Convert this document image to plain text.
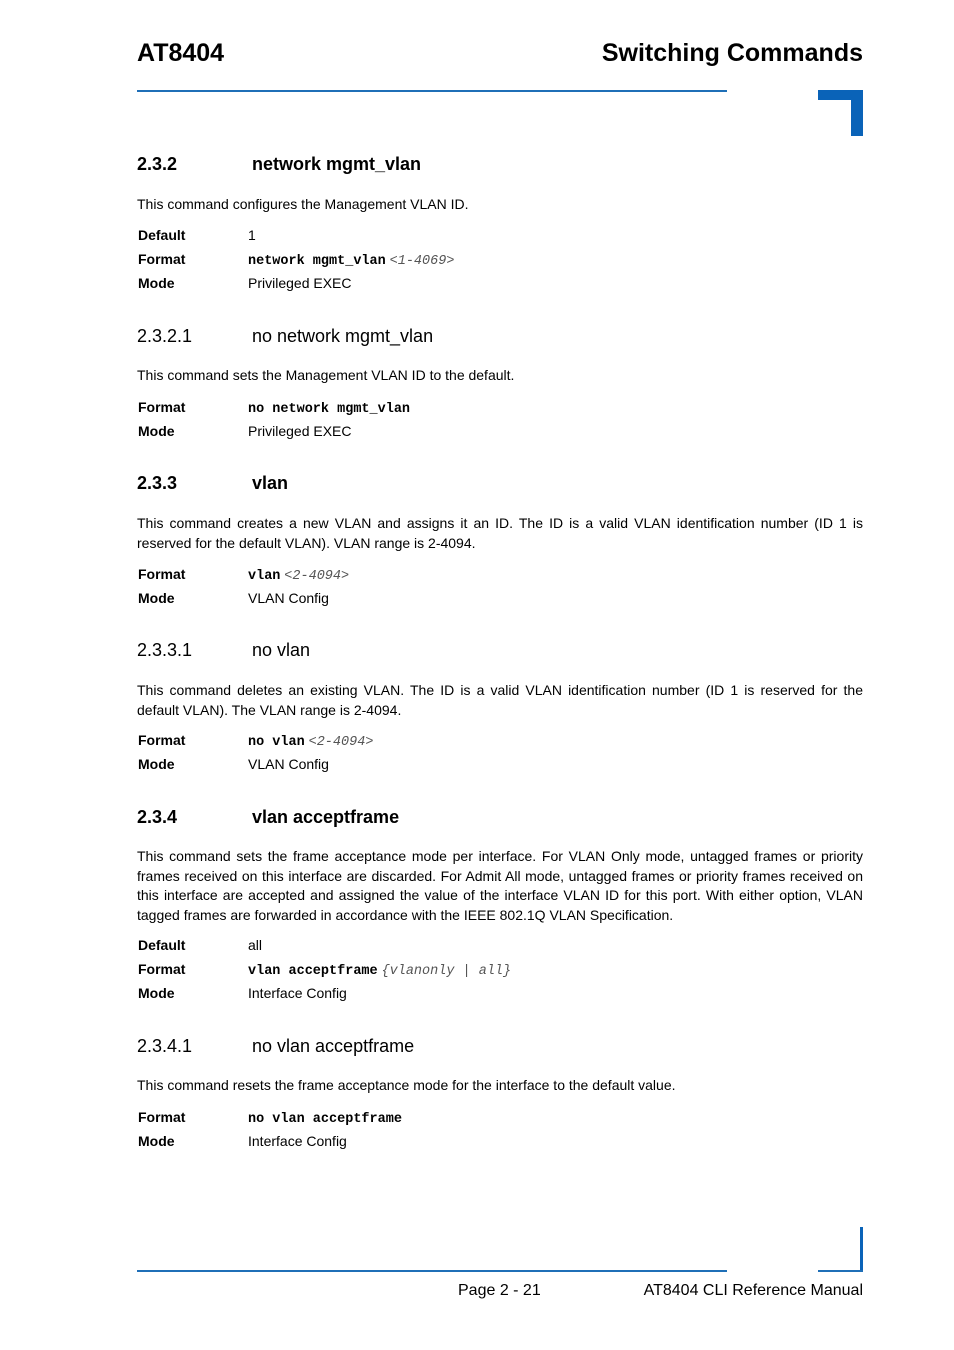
AT8404	Switching Commands
2.3.2	network mgmt_vlan
This command configures the Management VLAN ID.
Default	1
Format	network mgmt_vlan <1-4069>
Mode	Privileged EXEC
2.3.2.1	no network mgmt_vlan
This command sets the Management VLAN ID to the default.
Format	no network mgmt_vlan
Mode	Privileged EXEC
2.3.3	vlan
This command creates a new VLAN and assigns it an ID. The ID is a valid VLAN identification number (ID 1 is reserved for the default VLAN). VLAN range is 2-4094.
Format	vlan <2-4094>
Mode	VLAN Config
2.3.3.1	no vlan
This command deletes an existing VLAN. The ID is a valid VLAN identification number (ID 1 is reserved for the default VLAN). The VLAN range is 2-4094.
Format	no vlan <2-4094>
Mode	VLAN Config
2.3.4	vlan acceptframe
This command sets the frame acceptance mode per interface. For VLAN Only mode, untagged frames or priority frames received on this interface are discarded. For Admit All mode, untagged frames or priority frames received on this interface are accepted and assigned the value of the interface VLAN ID for this port. With either option, VLAN tagged frames are forwarded in accordance with the IEEE 802.1Q VLAN Specification.
Default	all
Format	vlan acceptframe {vlanonly | all}
Mode	Interface Config
2.3.4.1	no vlan acceptframe
This command resets the frame acceptance mode for the interface to the default value.
Format	no vlan acceptframe
Mode	Interface Config
Page 2 - 21	AT8404 CLI Reference Manual
